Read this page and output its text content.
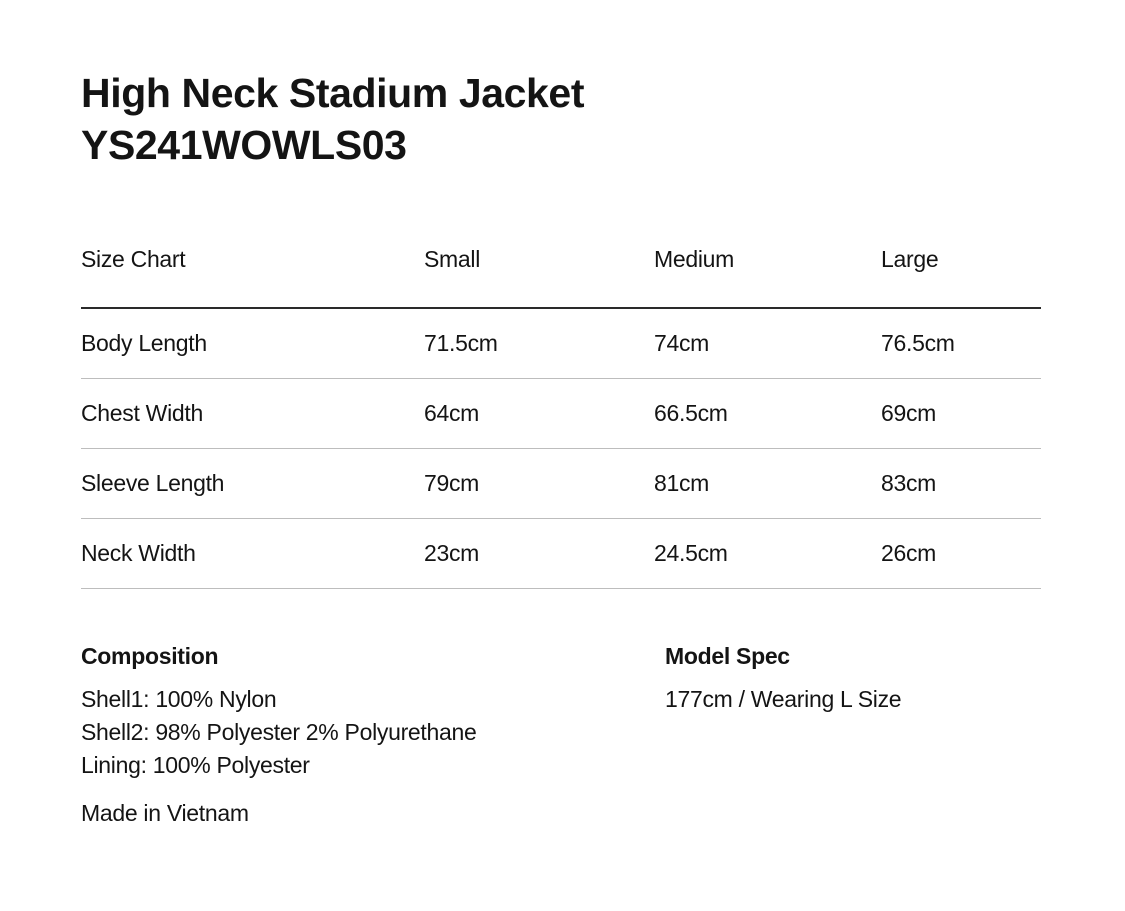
High Neck Stadium Jacket
YS241WOWLS03
Size Chart	Small	Medium	Large
Body Length	71.5cm	74cm	76.5cm
Chest Width	64cm	66.5cm	69cm
Sleeve Length	79cm	81cm	83cm
Neck Width	23cm	24.5cm	26cm
Composition
Shell1: 100% Nylon
Shell2: 98% Polyester 2% Polyurethane
Lining: 100% Polyester

Made in Vietnam

Model Spec

177cm / Wearing L Size
